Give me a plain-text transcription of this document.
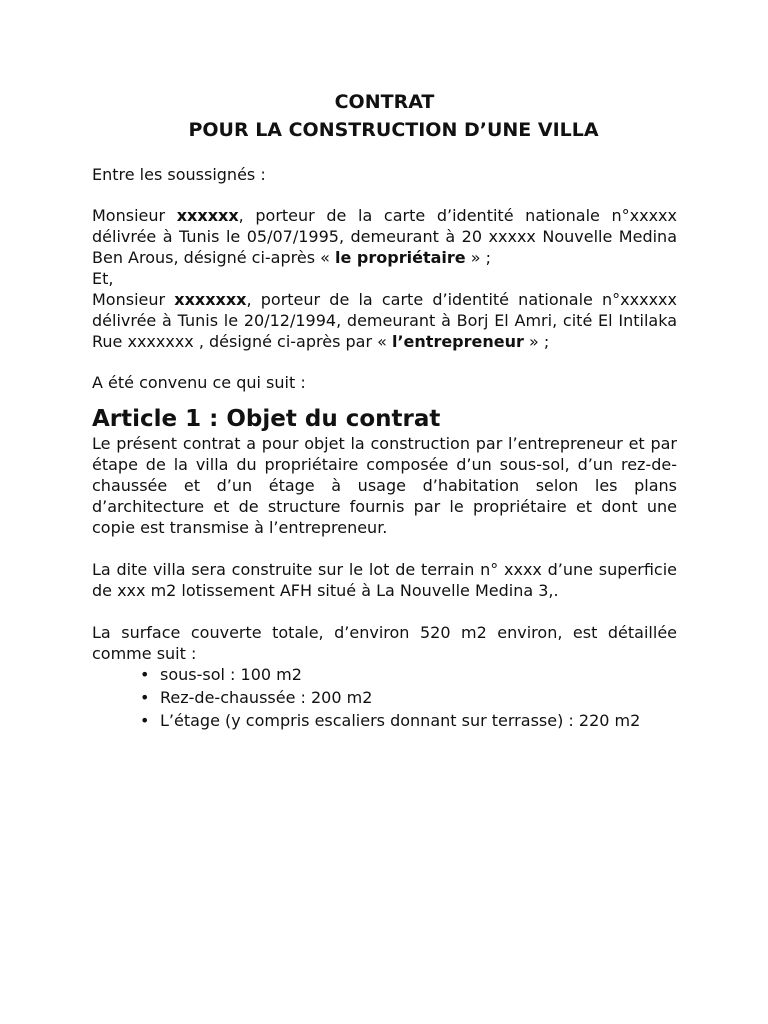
CONTRAT

POUR LA CONSTRUCTION D’UNE VILLA

Entre les soussignés :

Monsieur xxxxxx, porteur de la carte d’identité nationale n°xxxxx délivrée à Tunis le 05/07/1995, demeurant à 20 xxxxx Nouvelle Medina Ben Arous, désigné ci-après « le propriétaire » ;

Et,

Monsieur xxxxxxx, porteur de la carte d’identité nationale n°xxxxxx délivrée à Tunis le 20/12/1994, demeurant à Borj El Amri, cité El Intilaka Rue xxxxxxx , désigné ci-après par « l’entrepreneur » ;

A été convenu ce qui suit :

Article 1 : Objet du contrat

Le présent contrat a pour objet la construction par l’entrepreneur et par étape de la villa du propriétaire composée d’un sous-sol, d’un rez-de-chaussée et d’un étage à usage d’habitation selon les plans d’architecture et de structure fournis par le propriétaire et dont une copie est transmise à l’entrepreneur.

La dite villa sera construite sur le lot de terrain n° xxxx d’une superficie de xxx m2 lotissement AFH situé à La Nouvelle Medina 3,.

La surface couverte totale, d’environ 520 m2 environ, est détaillée comme suit :

• sous-sol : 100 m2
• Rez-de-chaussée : 200 m2
• L’étage (y compris escaliers donnant sur terrasse) : 220 m2
